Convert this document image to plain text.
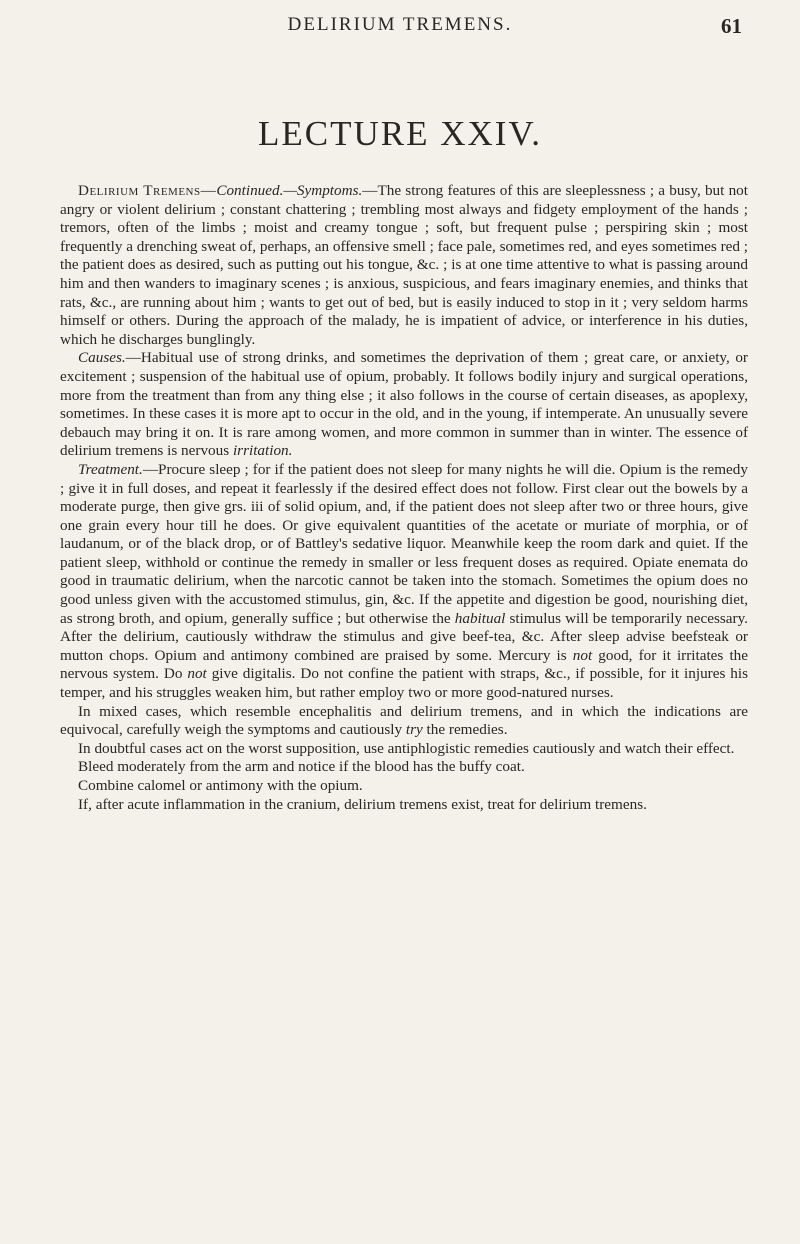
DELIRIUM TREMENS.	61
LECTURE XXIV.

Delirium Tremens—Continued.—Symptoms.—The strong features of this are sleeplessness ; a busy, but not angry or violent delirium ; constant chattering ; trembling most always and fidgety employment of the hands ; tremors, often of the limbs ; moist and creamy tongue ; soft, but frequent pulse ; perspiring skin ; most frequently a drenching sweat of, perhaps, an offensive smell ; face pale, sometimes red, and eyes sometimes red ; the patient does as desired, such as putting out his tongue, &c. ; is at one time attentive to what is passing around him and then wanders to imaginary scenes ; is anxious, suspicious, and fears imaginary enemies, and thinks that rats, &c., are running about him ; wants to get out of bed, but is easily induced to stop in it ; very seldom harms himself or others. During the approach of the malady, he is impatient of advice, or interference in his duties, which he discharges bunglingly.

Causes.—Habitual use of strong drinks, and sometimes the deprivation of them ; great care, or anxiety, or excitement ; suspension of the habitual use of opium, probably. It follows bodily injury and surgical operations, more from the treatment than from any thing else ; it also follows in the course of certain diseases, as apoplexy, sometimes. In these cases it is more apt to occur in the old, and in the young, if intemperate. An unusually severe debauch may bring it on. It is rare among women, and more common in summer than in winter. The essence of delirium tremens is nervous irritation.

Treatment.—Procure sleep ; for if the patient does not sleep for many nights he will die. Opium is the remedy ; give it in full doses, and repeat it fearlessly if the desired effect does not follow. First clear out the bowels by a moderate purge, then give grs. iii of solid opium, and, if the patient does not sleep after two or three hours, give one grain every hour till he does. Or give equivalent quantities of the acetate or muriate of morphia, or of laudanum, or of the black drop, or of Battley's sedative liquor. Meanwhile keep the room dark and quiet. If the patient sleep, withhold or continue the remedy in smaller or less frequent doses as required. Opiate enemata do good in traumatic delirium, when the narcotic cannot be taken into the stomach. Sometimes the opium does no good unless given with the accustomed stimulus, gin, &c. If the appetite and digestion be good, nourishing diet, as strong broth, and opium, generally suffice ; but otherwise the habitual stimulus will be temporarily necessary. After the delirium, cautiously withdraw the stimulus and give beef-tea, &c. After sleep advise beefsteak or mutton chops. Opium and antimony combined are praised by some. Mercury is not good, for it irritates the nervous system. Do not give digitalis. Do not confine the patient with straps, &c., if possible, for it injures his temper, and his struggles weaken him, but rather employ two or more good-natured nurses.

In mixed cases, which resemble encephalitis and delirium tremens, and in which the indications are equivocal, carefully weigh the symptoms and cautiously try the remedies.

In doubtful cases act on the worst supposition, use antiphlogistic remedies cautiously and watch their effect.

Bleed moderately from the arm and notice if the blood has the buffy coat.

Combine calomel or antimony with the opium.

If, after acute inflammation in the cranium, delirium tremens exist, treat for delirium tremens.
